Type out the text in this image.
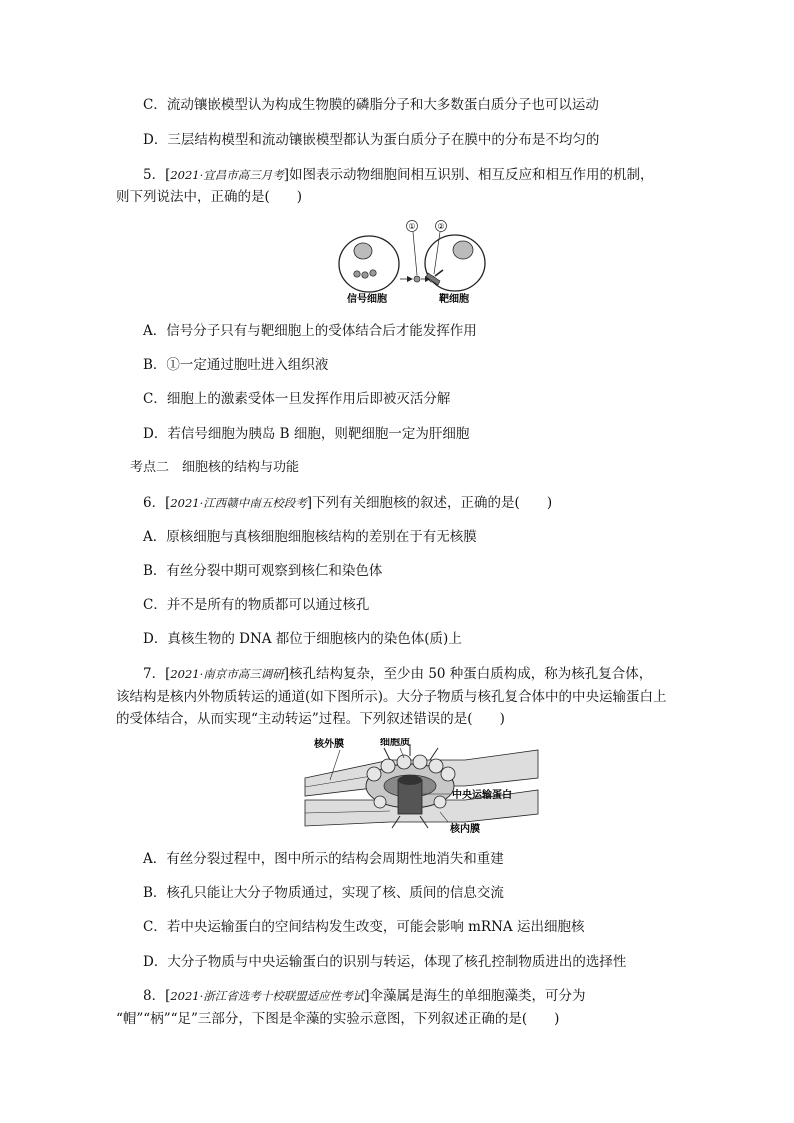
C．流动镶嵌模型认为构成生物膜的磷脂分子和大多数蛋白质分子也可以运动
D．三层结构模型和流动镶嵌模型都认为蛋白质分子在膜中的分布是不均匀的
5．[2021·宜昌市高三月考]如图表示动物细胞间相互识别、相互反应和相互作用的机制，
则下列说法中，正确的是(　　)
①	②
信号细胞	靶细胞
A．信号分子只有与靶细胞上的受体结合后才能发挥作用
B．①一定通过胞吐进入组织液
C．细胞上的激素受体一旦发挥作用后即被灭活分解
D．若信号细胞为胰岛 B 细胞，则靶细胞一定为肝细胞
考点二　细胞核的结构与功能
6．[2021·江西赣中南五校段考]下列有关细胞核的叙述，正确的是(　　)
A．原核细胞与真核细胞细胞核结构的差别在于有无核膜
B．有丝分裂中期可观察到核仁和染色体
C．并不是所有的物质都可以通过核孔
D．真核生物的 DNA 都位于细胞核内的染色体(质)上
7．[2021·南京市高三调研]核孔结构复杂，至少由 50 种蛋白质构成，称为核孔复合体，
该结构是核内外物质转运的通道(如下图所示)。大分子物质与核孔复合体中的中央运输蛋白上
的受体结合，从而实现“主动转运”过程。下列叙述错误的是(　　)
核外膜	细胞质
中央运输蛋白
核内膜
A．有丝分裂过程中，图中所示的结构会周期性地消失和重建
B．核孔只能让大分子物质通过，实现了核、质间的信息交流
C．若中央运输蛋白的空间结构发生改变，可能会影响 mRNA 运出细胞核
D．大分子物质与中央运输蛋白的识别与转运，体现了核孔控制物质进出的选择性
8．[2021·浙江省选考十校联盟适应性考试]伞藻属是海生的单细胞藻类，可分为
“帽”“柄”“足”三部分，下图是伞藻的实验示意图，下列叙述正确的是(　　)
